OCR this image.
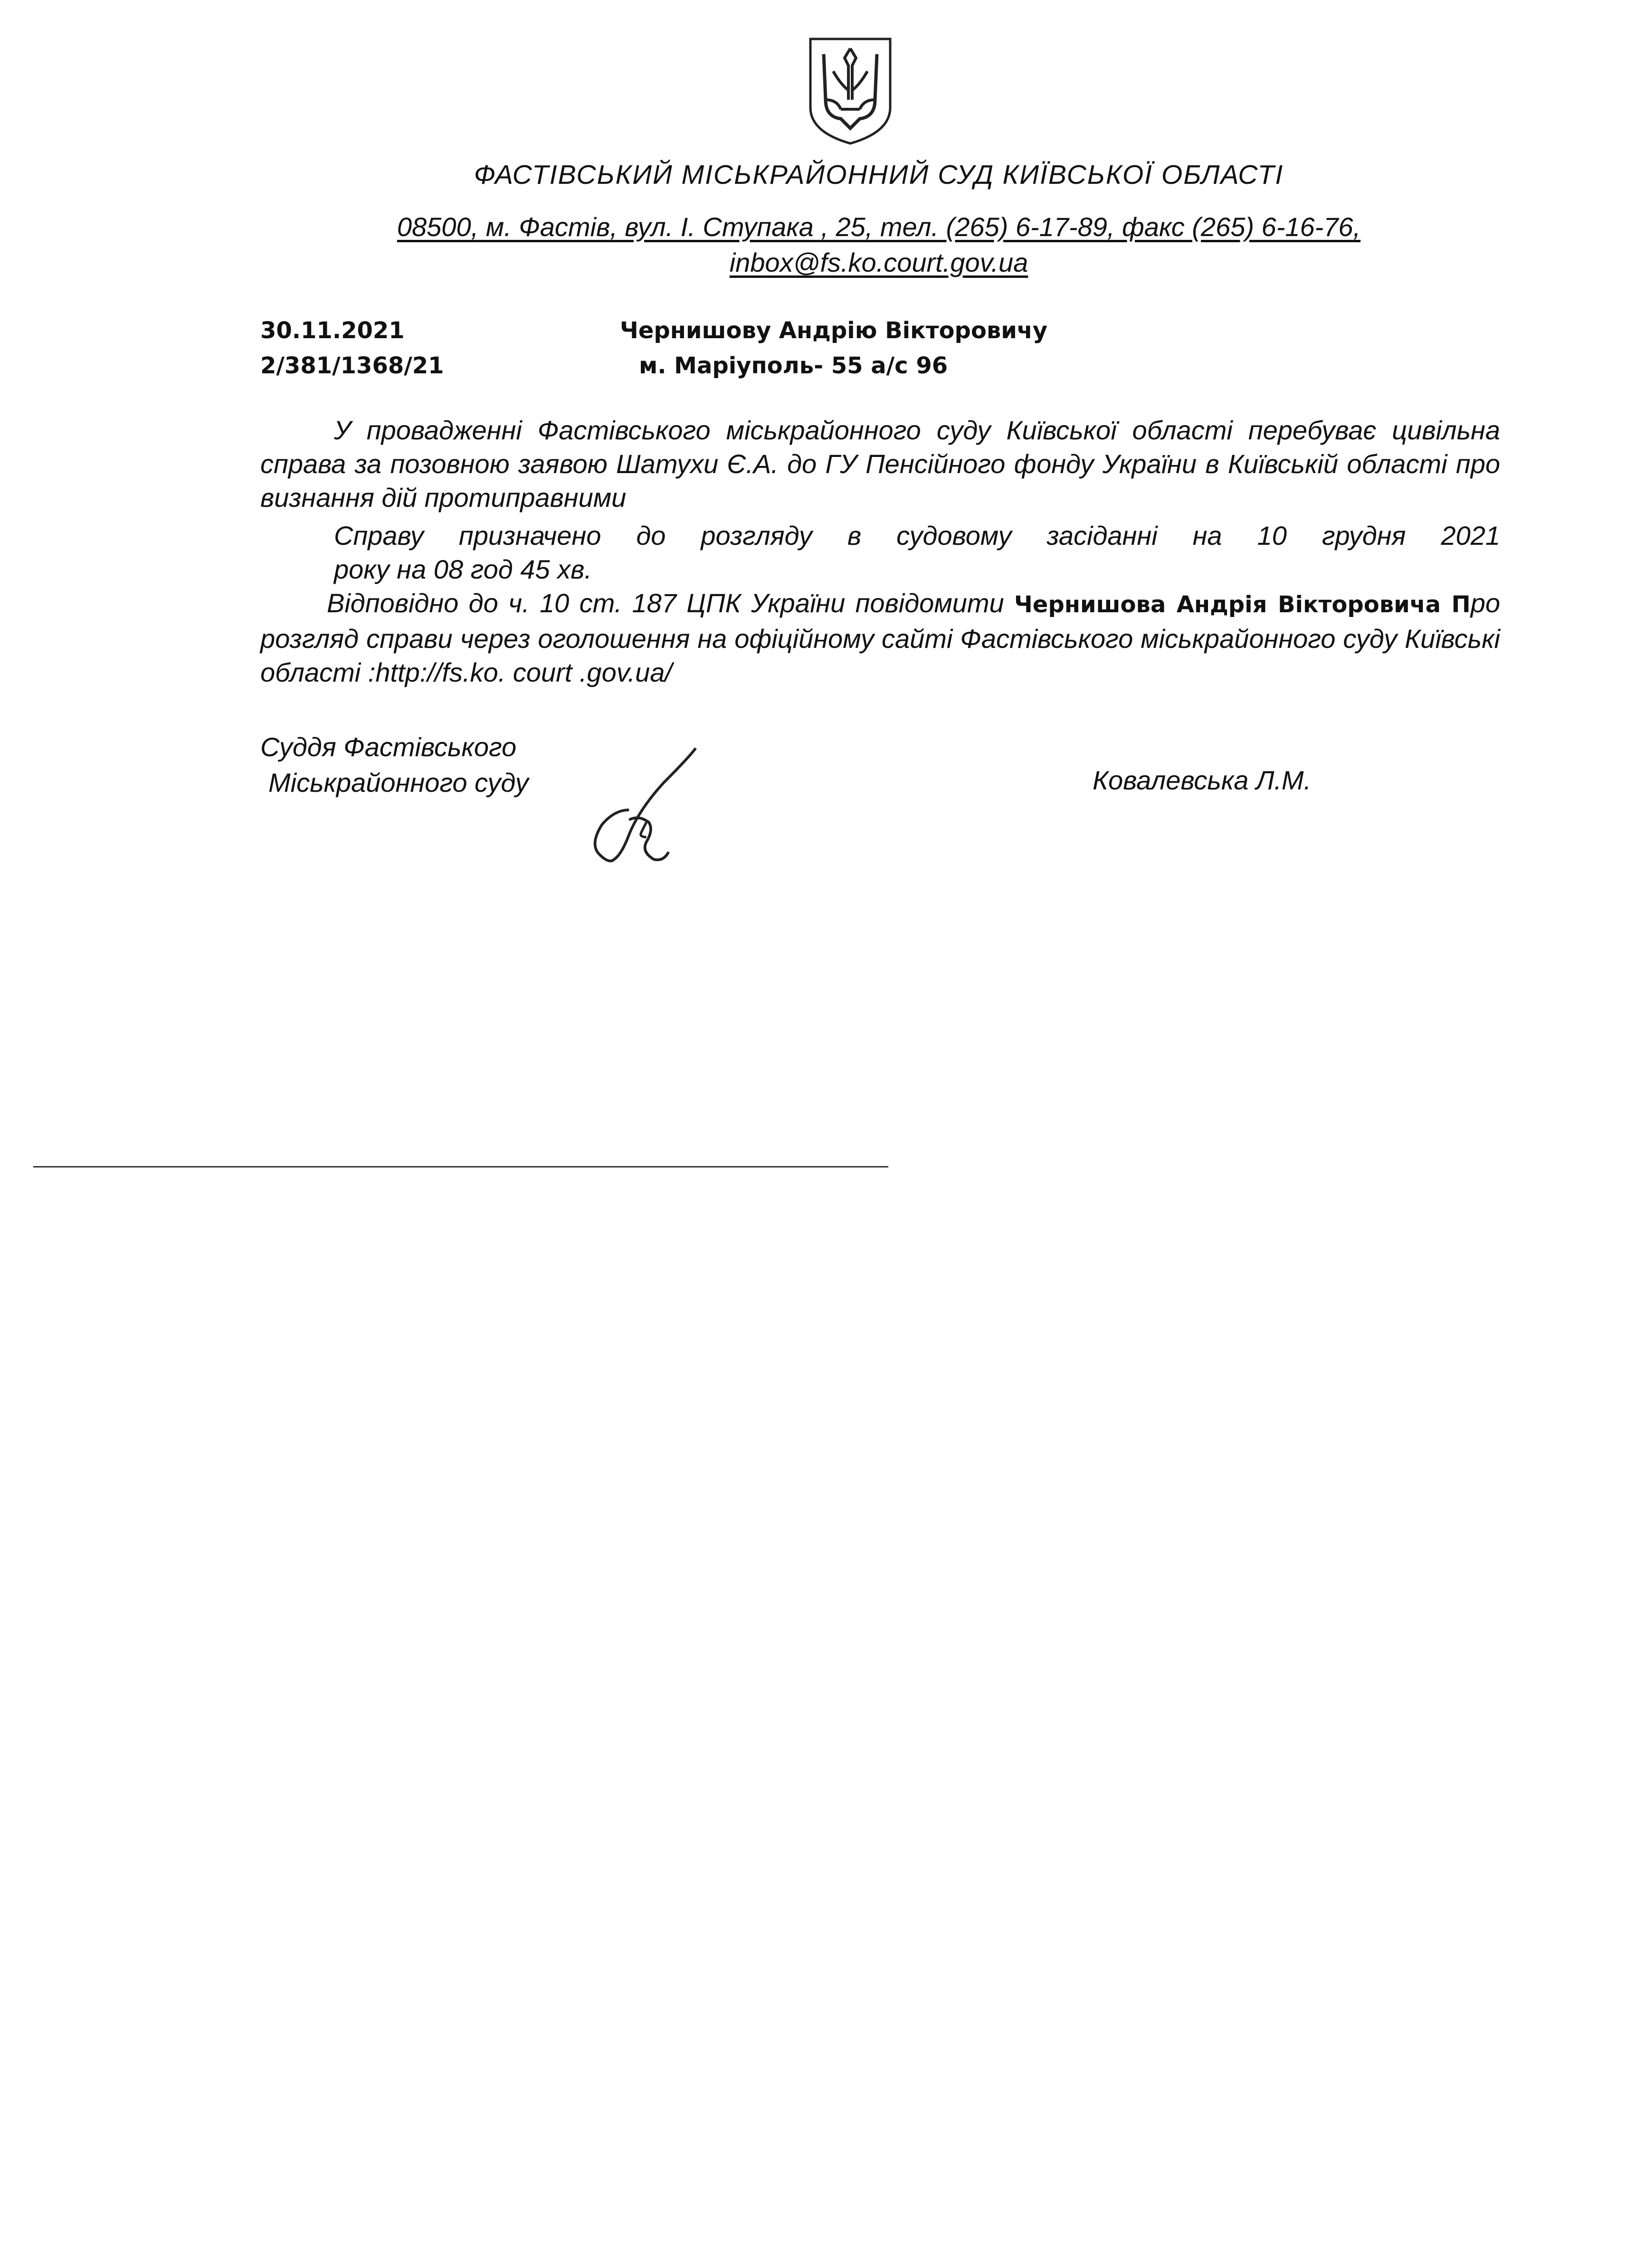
ФАСТІВСЬКИЙ МІСЬКРАЙОННИЙ СУД КИЇВСЬКОЇ ОБЛАСТІ
08500, м. Фастів, вул. І. Ступака , 25, тел. (265) 6-17-89, факс (265) 6-16-76,
inbox@fs.ko.court.gov.ua
30.11.2021
2/381/1368/21
Чернишову Андрію Вікторовичу
м. Маріуполь- 55 а/с 96
У провадженні Фастівського міськрайонного суду Київської області перебуває цивільна справа за позовною заявою Шатухи Є.А. до ГУ Пенсійного фонду України в Київській області про визнання дій протиправними
Справу призначено до розгляду в судовому засіданні на 10 грудня 2021
року на 08 год 45 хв.
Відповідно до ч. 10 ст. 187 ЦПК України повідомити Чернишова Андрія Вікторовича Про розгляд справи через оголошення на офіційному сайті Фастівського міськрайонного суду Київські області :http://fs.ko. court .gov.ua/
Суддя Фастівського
Міськрайонного суду	Ковалевська Л.М.
